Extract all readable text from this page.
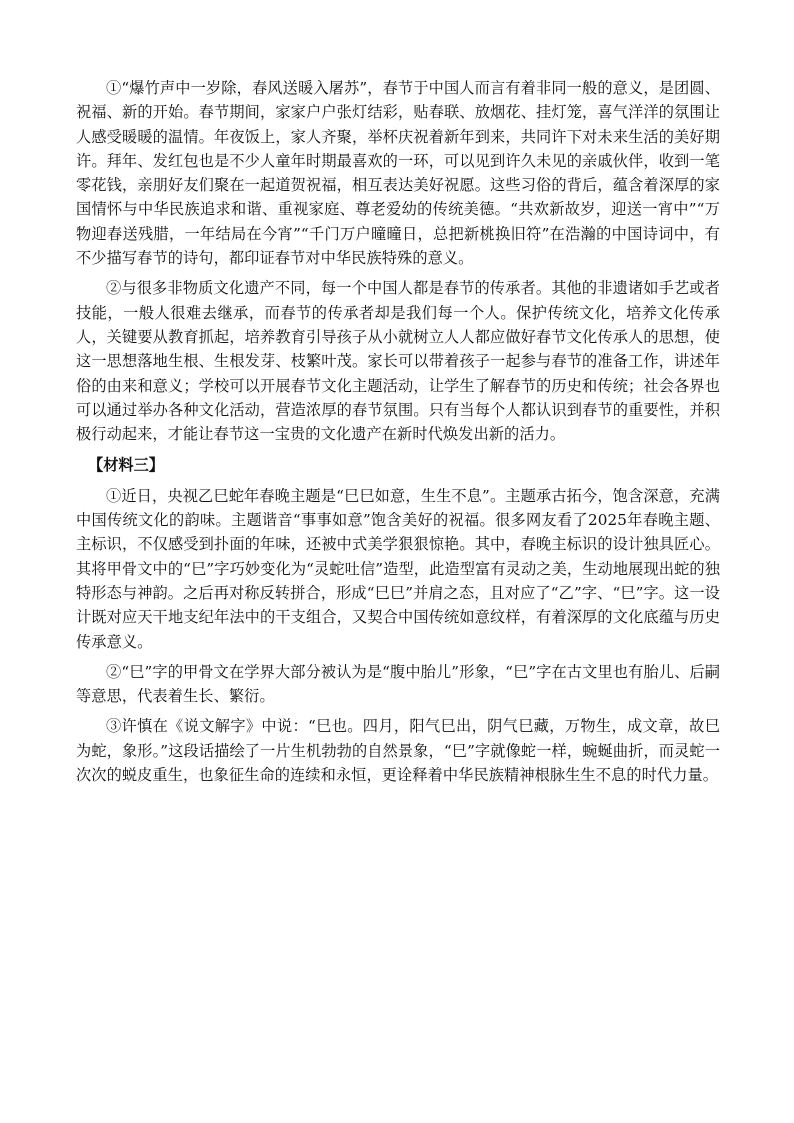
①“爆竹声中一岁除，春风送暖入屠苏”，春节于中国人而言有着非同一般的意义，是团圆、祝福、新的开始。春节期间，家家户户张灯结彩，贴春联、放烟花、挂灯笼，喜气洋洋的氛围让人感受暖暖的温情。年夜饭上，家人齐聚，举杯庆祝着新年到来，共同许下对未来生活的美好期许。拜年、发红包也是不少人童年时期最喜欢的一环，可以见到许久未见的亲戚伙伴，收到一笔零花钱，亲朋好友们聚在一起道贺祝福，相互表达美好祝愿。这些习俗的背后，蕴含着深厚的家国情怀与中华民族追求和谐、重视家庭、尊老爱幼的传统美德。“共欢新故岁，迎送一宵中”“万物迎春送残腊，一年结局在今宵”“千门万户曈曈日，总把新桃换旧符”在浩瀚的中国诗词中，有不少描写春节的诗句，都印证春节对中华民族特殊的意义。

②与很多非物质文化遗产不同，每一个中国人都是春节的传承者。其他的非遗诸如手艺或者技能，一般人很难去继承，而春节的传承者却是我们每一个人。保护传统文化，培养文化传承人，关键要从教育抓起，培养教育引导孩子从小就树立人人都应做好春节文化传承人的思想，使这一思想落地生根、生根发芽、枝繁叶茂。家长可以带着孩子一起参与春节的准备工作，讲述年俗的由来和意义；学校可以开展春节文化主题活动，让学生了解春节的历史和传统；社会各界也可以通过举办各种文化活动，营造浓厚的春节氛围。只有当每个人都认识到春节的重要性，并积极行动起来，才能让春节这一宝贵的文化遗产在新时代焕发出新的活力。

【材料三】

①近日，央视乙巳蛇年春晚主题是“巳巳如意，生生不息”。主题承古拓今，饱含深意，充满中国传统文化的韵味。主题谐音“事事如意”饱含美好的祝福。很多网友看了2025年春晚主题、主标识，不仅感受到扑面的年味，还被中式美学狠狠惊艳。其中，春晚主标识的设计独具匠心。其将甲骨文中的“巳”字巧妙变化为“灵蛇吐信”造型，此造型富有灵动之美，生动地展现出蛇的独特形态与神韵。之后再对称反转拼合，形成“巳巳”并肩之态，且对应了“乙”字、“巳”字。这一设计既对应天干地支纪年法中的干支组合，又契合中国传统如意纹样，有着深厚的文化底蕴与历史传承意义。

②“巳”字的甲骨文在学界大部分被认为是“腹中胎儿”形象，“巳”字在古文里也有胎儿、后嗣等意思，代表着生长、繁衍。

③许慎在《说文解字》中说：“巳也。四月，阳气巳出，阴气巳藏，万物生，成文章，故巳为蛇，象形。”这段话描绘了一片生机勃勃的自然景象，“巳”字就像蛇一样，蜿蜒曲折，而灵蛇一次次的蜕皮重生，也象征生命的连续和永恒，更诠释着中华民族精神根脉生生不息的时代力量。
